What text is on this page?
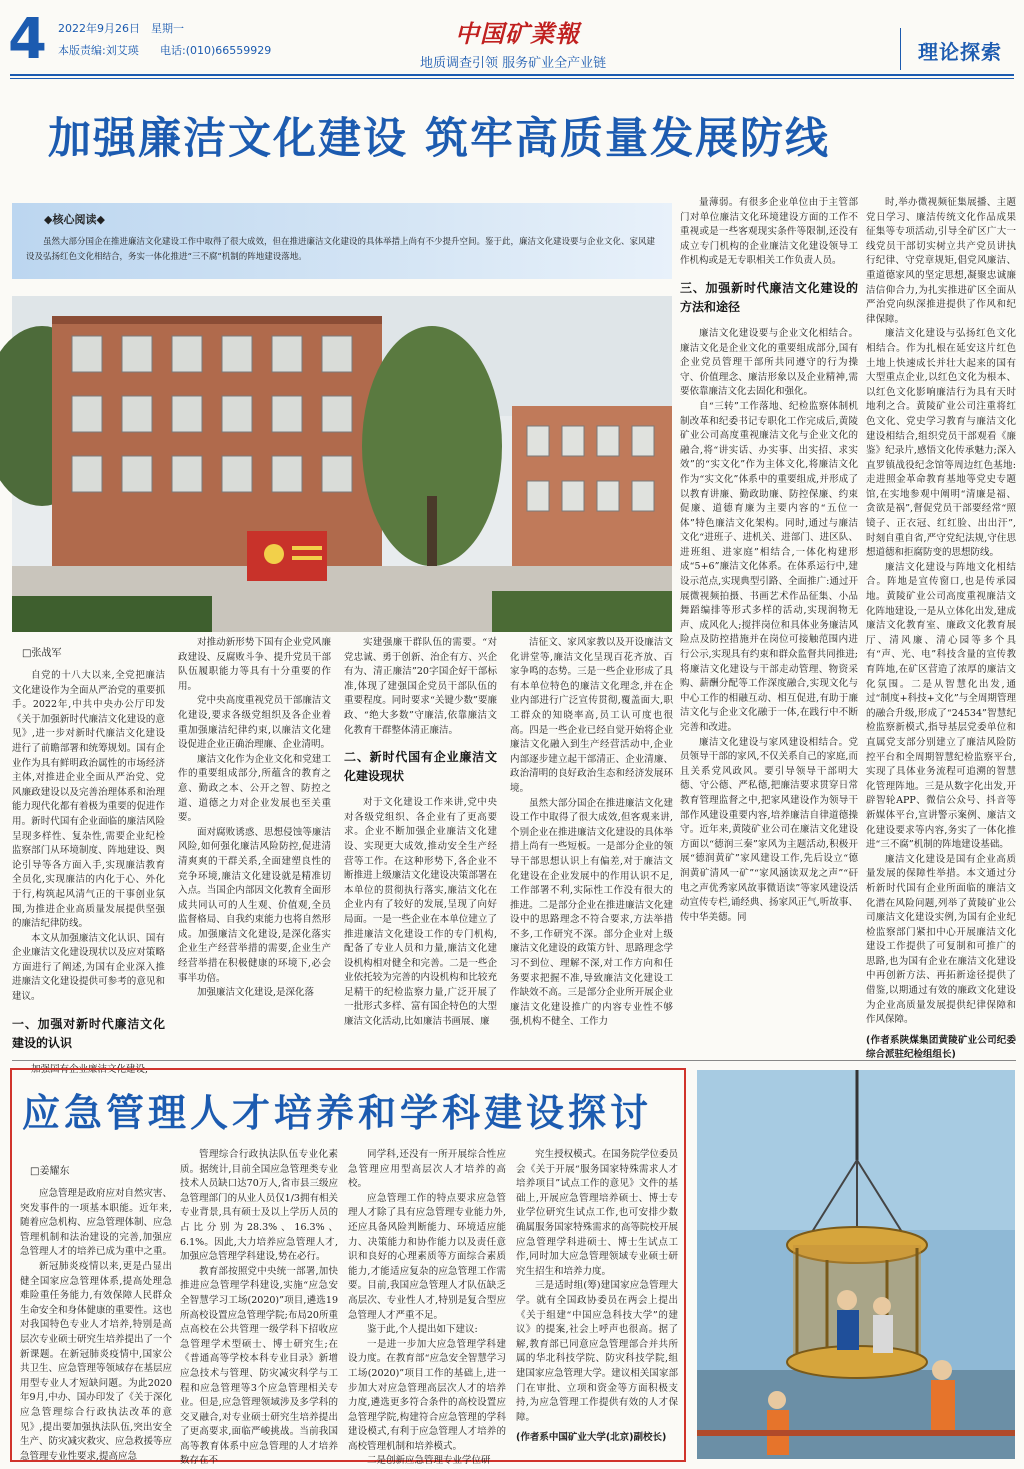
4 2022年9月26日　星期一
本版责编:刘艾瑛 电话:(010)66559929
中国矿業報
地质调查引领 服务矿业全产业链	理论探索
加强廉洁文化建设 筑牢高质量发展防线
◆核心阅读◆
虽然大部分国企在推进廉洁文化建设工作中取得了很大成效，但在推进廉洁文化建设的具体举措上尚有不少提升空间。鉴于此，廉洁文化建设要与企业文化、家风建设及弘扬红色文化相结合，务实一体化推进“三不腐”机制的阵地建设落地。

□张战军

自党的十八大以来,全党把廉洁文化建设作为全面从严治党的重要抓手。2022年,中共中央办公厅印发《关于加强新时代廉洁文化建设的意见》,进一步对新时代廉洁文化建设进行了前瞻部署和统筹规划。国有企业作为具有鲜明政治属性的市场经济主体,对推进企业全面从严治党、党风廉政建设以及完善治理体系和治理能力现代化都有着极为重要的促进作用。新时代国有企业面临的廉洁风险呈现多样性、复杂性,需要企业纪检监察部门从环境制度、阵地建设、舆论引导等各方面入手,实现廉洁教育全员化,实现廉洁的内化于心、外化于行,构筑起风清气正的干事创业氛围,为推进企业高质量发展提供坚强的廉洁纪律防线。

本文从加强廉洁文化认识、国有企业廉洁文化建设现状以及应对策略方面进行了阐述,为国有企业深入推进廉洁文化建设提供可参考的意见和建议。

一、加强对新时代廉洁文化建设的认识

加强国有企业廉洁文化建设,

对推动新形势下国有企业党风廉政建设、反腐败斗争、提升党员干部队伍履职能力等具有十分重要的作用。

党中央高度重视党员干部廉洁文化建设,要求各级党组织及各企业着重加强廉洁纪律约束,以廉洁文化建设促进企业正确治理廉、企业清明。

廉洁文化作为企业文化和党建工作的重要组成部分,所蕴含的教育之意、勤政之本、公开之智、防控之道、道德之力对企业发展也至关重要。

面对腐败诱惑、思想侵蚀等廉洁风险,如何强化廉洁风险防控,促进清清爽爽的干群关系,全面建塑良性的竞争环境,廉洁文化建设就是精准切入点。当国企内部因文化教育全面形成共同认可的人生观、价值观,全员监督格局、自我约束能力也将自然形成。加强廉洁文化建设,是深化落实企业生产经营举措的需要,企业生产经营举措在积极健康的环境下,必会事半功倍。

加强廉洁文化建设,是深化落

实建强廉干群队伍的需要。“对党忠诚、勇于创新、治企有方、兴企有为、清正廉洁”20字国企好干部标准,体现了建强国企党员干部队伍的重要程度。同时要求“关键少数”要廉政、“绝大多数”守廉洁,依靠廉洁文化教育干群整体清正廉洁。

二、新时代国有企业廉洁文化建设现状

对于文化建设工作来讲,党中央对各级党组织、各企业有了更高要求。企业不断加强企业廉洁文化建设、实现更大成效,推动安全生产经营等工作。在这种形势下,各企业不断推进上级廉洁文化建设决策部署在本单位的贯彻执行落实,廉洁文化在企业内有了较好的发展,呈现了向好局面。一是一些企业在本单位建立了推进廉洁文化建设工作的专门机构,配备了专业人员和力量,廉洁文化建设机构相对健全和完善。二是一些企业依托较为完善的内设机构和比较充足精干的纪检监察力量,广泛开展了一批形式多样、富有国企特色的大型廉洁文化活动,比如廉洁书画展、廉

洁征文、家风家教以及开设廉洁文化讲堂等,廉洁文化呈现百花齐放、百家争鸣的态势。三是一些企业形成了具有本单位特色的廉洁文化理念,并在企业内部进行广泛宣传贯彻,覆盖面大,职工群众的知晓率高,员工认可度也很高。四是一些企业已经自觉开始将企业廉洁文化融入到生产经营活动中,企业内部逐步建立起干部清正、企业清廉、政治清明的良好政治生态和经济发展环境。

虽然大部分国企在推进廉洁文化建设工作中取得了很大成效,但客观来讲,个别企业在推进廉洁文化建设的具体举措上尚有一些短板。一是部分企业的领导干部思想认识上有偏差,对于廉洁文化建设在企业发展中的作用认识不足,工作部署不利,实际性工作没有很大的推进。二是部分企业在推进廉洁文化建设中的思路理念不符合要求,方法举措不多,工作研究不深。部分企业对上级廉洁文化建设的政策方针、思路理念学习不到位、理解不深,对工作方向和任务要求把握不准,导致廉洁文化建设工作缺效不高。三是部分企业所开展企业廉洁文化建设推广的内容专业性不够强,机构不健全、工作力

量薄弱。有很多企业单位由于主管部门对单位廉洁文化环境建设方面的工作不重视或是一些客观现实条件等限制,还没有成立专门机构的企业廉洁文化建设领导工作机构或是无专职相关工作负责人员。

三、加强新时代廉洁文化建设的方法和途径

廉洁文化建设要与企业文化相结合。廉洁文化是企业文化的重要组成部分,国有企业党员管理干部所共同遵守的行为操守、价值理念、廉洁形象以及企业精神,需要依靠廉洁文化去固化和强化。

自“三转”工作落地、纪检监察体制机制改革和纪委书记专职化工作完成后,黄陵矿业公司高度重视廉洁文化与企业文化的融合,将“讲实话、办实事、出实招、求实效”的“实文化”作为主体文化,将廉洁文化作为“实文化”体系中的重要组成,并形成了以教育讲廉、勤政助廉、防控保廉、约束促廉、道德育廉为主要内容的“五位一体”特色廉洁文化架构。同时,通过与廉洁文化“进班子、进机关、进部门、进区队、进班组、进家庭”相结合,一体化构建形成“5+6”廉洁文化体系。在体系运行中,建设示范点,实现典型引路、全面推广:通过开展微视频拍摄、书画艺术作品征集、小品舞蹈编排等形式多样的活动,实现润物无声、成风化人;搅拌岗位和具体业务廉洁风险点及防控措施并在岗位可接触范围内进行公示,实现具有约束和群众监督共同推进;将廉洁文化建设与干部走动管理、物资采购、薪酬分配等工作深度融合,实现文化与中心工作的相融互动、相互促进,有助于廉洁文化与企业文化融于一体,在践行中不断完善和改进。

廉洁文化建设与家风建设相结合。党员领导干部的家风,不仅关系自己的家庭,而且关系党风政风。要引导领导干部明大德、守公德、严私德,把廉洁要求贯穿日常教育管理监督之中,把家风建设作为领导干部作风建设重要内容,培养廉洁自律道德操守。近年来,黄陵矿业公司在廉洁文化建设方面以“德润三秦”家风为主题活动,积极开展“德润黄矿”家风建设工作,先后设立“德润黄矿清风一矿”“家风涵读双龙之声”“矸电之声优秀家风故事微语读”等家风建设活动宣传专栏,诵经典、扬家风正气,听故事、传中华美德。同

时,举办微视频征集展播、主题党日学习、廉洁传统文化作品成果征集等专项活动,引导全矿区广大一线党员干部切实树立共产党员讲执行纪律、守党章规矩,倡党风廉洁、重道德家风的坚定思想,凝聚忠诚廉洁信仰合力,为扎实推进矿区全面从严治党向纵深推进提供了作风和纪律保障。

廉洁文化建设与弘扬红色文化相结合。作为扎根在延安这片红色土地上快速成长并壮大起来的国有大型重点企业,以红色文化为根本、以红色文化影响廉洁行为具有天时地利之合。黄陵矿业公司注重将红色文化、党史学习教育与廉洁文化建设相结合,组织党员干部观看《廉鉴》纪录片,感悟文化传承魅力;深入直罗镇战役纪念馆等周边红色基地:走进照金革命教育基地等党史专题馆,在实地参观中阐明“清廉是福、贪欲是祸”,督促党员干部要经常“照镜子、正衣冠、红红脸、出出汗”,时刻自重自省,严守党纪法规,守住思想道德和拒腐防变的思想防线。

廉洁文化建设与阵地文化相结合。阵地是宣传窗口,也是传承园地。黄陵矿业公司高度重视廉洁文化阵地建设,一是从立体化出发,建成廉洁文化教育室、廉政文化教育展厅、清风廉、清心园等多个具有“声、光、电”科技含量的宣传教育阵地,在矿区营造了浓厚的廉洁文化氛围。二是从智慧化出发,通过“制度+科技+文化”与全周期管理的融合升级,形成了“24534”智慧纪检监察新模式,指导基层党委单位和直属党支部分别建立了廉洁风险防控平台和全周期智慧纪检监察平台,实现了具体业务流程可追溯的智慧化管理阵地。三是从数字化出发,开辟智轮APP、微信公众号、抖音等新媒体平台,宣讲警示案例、廉洁文化建设要求等内容,务实了一体化推进“三不腐”机制的阵地建设基础。

廉洁文化建设是国有企业高质量发展的保障性举措。本文通过分析新时代国有企业所面临的廉洁文化潜在风险问题,列举了黄陵矿业公司廉洁文化建设实例,为国有企业纪检监察部门紧扣中心开展廉洁文化建设工作提供了可复制和可推广的思路,也为国有企业在廉洁文化建设中再创新方法、再拓新途径提供了借鉴,以期通过有效的廉政文化建设为企业高质量发展提供纪律保障和作风保障。

(作者系陕煤集团黄陵矿业公司纪委综合派驻纪检组组长)

应急管理人才培养和学科建设探讨

□姜耀东

应急管理是政府应对自然灾害、突发事件的一项基本职能。近年来,随着应急机构、应急管理体制、应急管理机制和法治建设的完善,加强应急管理人才的培养已成为重中之重。

新冠肺炎疫情以来,更是凸显出健全国家应急管理体系,提高处理急难险重任务能力,有效保障人民群众生命安全和身体健康的重要性。这也对我国特色专业人才培养,特别是高层次专业硕士研究生培养提出了一个新课题。在新冠肺炎疫情中,国家公共卫生、应急管理等领域存在基层应用型专业人才短缺问题。为此2020年9月,中办、国办印发了《关于深化应急管理综合行政执法改革的意见》,提出要加强执法队伍,突出安全生产、防灾减灾救灾、应急救援等应急管理专业性要求,提高应急

管理综合行政执法队伍专业化素质。据统计,目前全国应急管理类专业技术人员缺口达70万人,省市县三级应急管理部门的从业人员仅1/3拥有相关专业背景,具有硕士及以上学历人员的占比分别为28.3%、16.3%、6.1%。因此,大力培养应急管理人才,加强应急管理学科建设,势在必行。

教育部按照党中央统一部署,加快推进应急管理学科建设,实施“应急安全智慧学习工场(2020)”项目,遴选19所高校设置应急管理学院;布局20所重点高校在公共管理一级学科下招收应急管理学术型硕士、博士研究生;在《普通高等学校本科专业目录》新增应急技术与管理、防灾减灾科学与工程和应急管理等3个应急管理相关专业。但是,应急管理领域涉及多学科的交叉融合,对专业硕士研究生培养提出了更高要求,面临严峻挑战。当前我国高等教育体系中应急管理的人才培养数存在不

同学科,还没有一所开展综合性应急管理应用型高层次人才培养的高校。

应急管理工作的特点要求应急管理人才除了具有应急管理专业能力外,还应具备风险判断能力、环境适应能力、决策能力和协作能力以及责任意识和良好的心理素质等方面综合素质能力,才能适应复杂的应急管理工作需要。目前,我国应急管理人才队伍缺乏高层次、专业性人才,特别是复合型应急管理人才严重不足。

鉴于此,个人提出如下建议:

一是进一步加大应急管理学科建设力度。在教育部“应急安全智慧学习工场(2020)”项目工作的基础上,进一步加大对应急管理高层次人才的培养力度,遴选更多符合条件的高校设置应急管理学院,构建符合应急管理的学科建设模式,有利于应急管理人才培养的高校管理机制和培养模式。

二是创新应急管理专业学位研

究生授权模式。在国务院学位委员会《关于开展“服务国家特殊需求人才培养项目”试点工作的意见》文件的基础上,开展应急管理培养硕士、博士专业学位研究生试点工作,也可安排少数确属服务国家特殊需求的高等院校开展应急管理学科进硕士、博士生试点工作,同时加大应急管理领域专业硕士研究生招生和培养力度。

三是适时组(筹)建国家应急管理大学。就有全国政协委员在两会上提出《关于组建“中国应急科技大学”的建议》的提案,社会上呼声也很高。据了解,教育部已同意应急管理部合并共所属的华北科技学院、防灾科技学院,组建国家应急管理大学。建议相关国家部门在审批、立项和资金等方面积极支持,为应急管理工作提供有效的人才保障。

(作者系中国矿业大学(北京)副校长)
